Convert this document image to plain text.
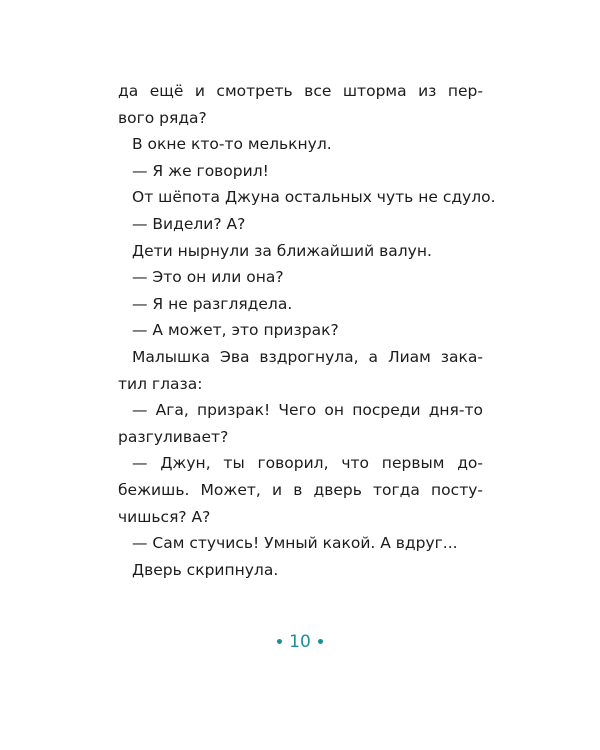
да ещё и смотреть все шторма из пер-
вого ряда?
В окне кто-то мелькнул.
— Я же говорил!
От шёпота Джуна остальных чуть не сдуло.
— Видели? А?
Дети нырнули за ближайший валун.
— Это он или она?
— Я не разглядела.
— А может, это призрак?
Малышка Эва вздрогнула, а Лиам зака-
тил глаза:
— Ага, призрак! Чего он посреди дня-то
разгуливает?
— Джун, ты говорил, что первым до-
бежишь. Может, и в дверь тогда посту-
чишься? А?
— Сам стучись! Умный какой. А вдруг...
Дверь скрипнула.
10
